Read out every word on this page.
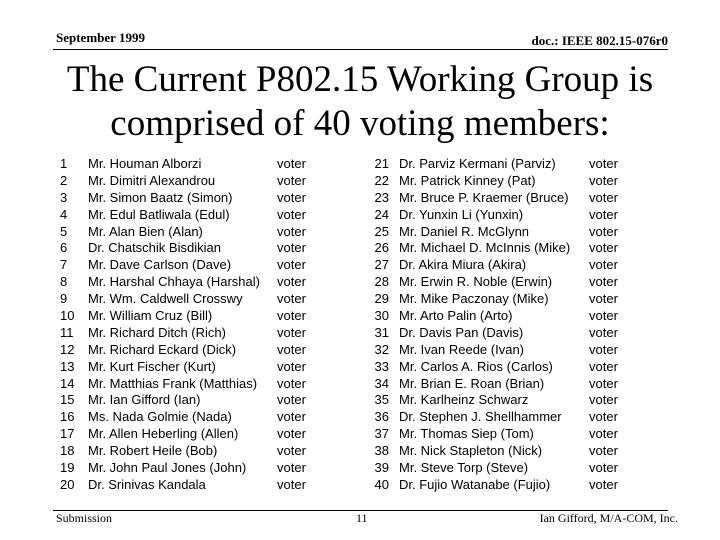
September 1999	doc.: IEEE 802.15-076r0
The Current P802.15 Working Group is
comprised of 40 voting members:
1	Mr. Houman Alborzi	voter
2	Mr. Dimitri Alexandrou	voter
3	Mr. Simon Baatz (Simon)	voter
4	Mr. Edul Batliwala (Edul)	voter
5	Mr. Alan Bien (Alan)	voter
6	Dr. Chatschik Bisdikian	voter
7	Mr. Dave Carlson (Dave)	voter
8	Mr. Harshal Chhaya (Harshal) voter
9	Mr. Wm. Caldwell Crosswy	voter
10	Mr. William Cruz (Bill)	voter
11	Mr. Richard Ditch (Rich)	voter
12	Mr. Richard Eckard (Dick)	voter
13	Mr. Kurt Fischer (Kurt)	voter
14	Mr. Matthias Frank (Matthias) voter
15	Mr. Ian Gifford (Ian)	voter
16	Ms. Nada Golmie (Nada)	voter
17	Mr. Allen Heberling (Allen)	voter
18	Mr. Robert Heile (Bob)	voter
19	Mr. John Paul Jones (John) voter
20	Dr. Srinivas Kandala	voter
21 Dr. Parviz Kermani (Parviz)	voter
22 Mr. Patrick Kinney (Pat)	voter
23 Mr. Bruce P. Kraemer (Bruce) voter
24 Dr. Yunxin Li (Yunxin)	voter
25 Mr. Daniel R. McGlynn	voter
26 Mr. Michael D. McInnis (Mike) voter
27 Dr. Akira Miura (Akira)	voter
28 Mr. Erwin R. Noble (Erwin)	voter
29 Mr. Mike Paczonay (Mike)	voter
30 Mr. Arto Palin (Arto)	voter
31 Dr. Davis Pan (Davis)	voter
32 Mr. Ivan Reede (Ivan)	voter
33 Mr. Carlos A. Rios (Carlos)	voter
34 Mr. Brian E. Roan (Brian)	voter
35 Mr. Karlheinz Schwarz	voter
36 Dr. Stephen J. Shellhammer voter
37 Mr. Thomas Siep (Tom)	voter
38 Mr. Nick Stapleton (Nick)	voter
39 Mr. Steve Torp (Steve)	voter
40 Dr. Fujio Watanabe (Fujio)	voter
Submission	11	Ian Gifford, M/A-COM, Inc.
